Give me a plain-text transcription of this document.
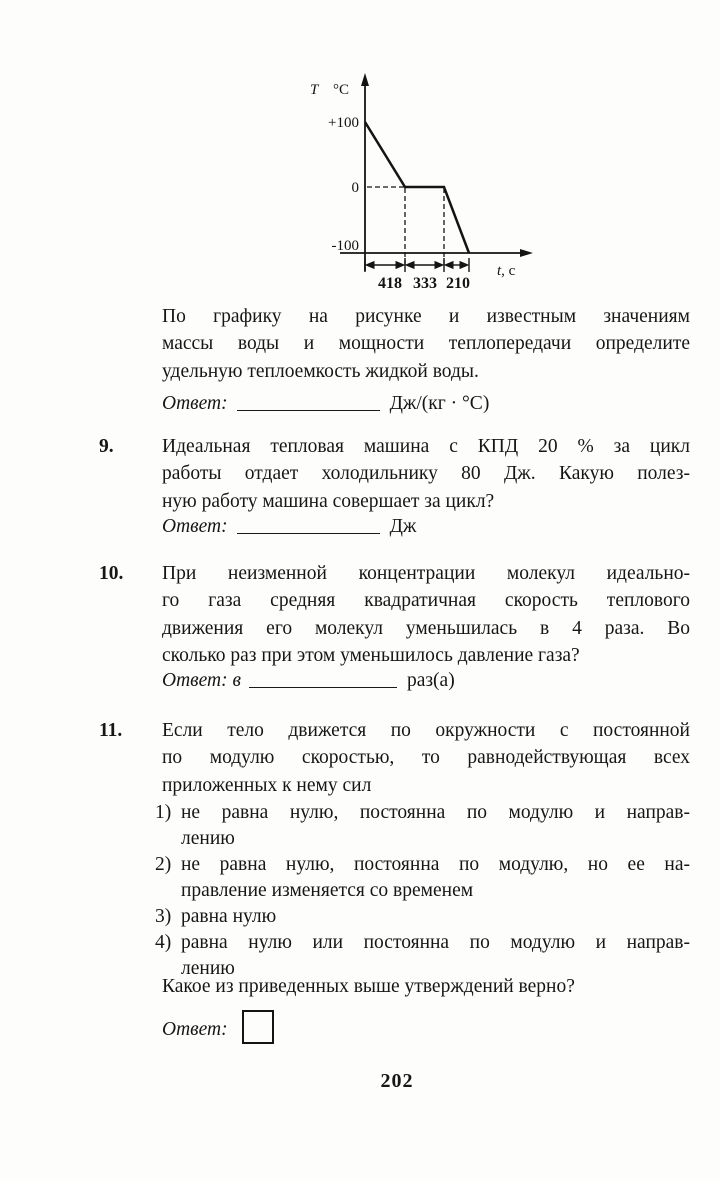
T °C
t, с
+100
0
-100
418 333 210
По графику на рисунке и известным значениям
массы воды и мощности теплопередачи определите
удельную теплоемкость жидкой воды.
Ответ:	Дж/(кг · °С)
9.	Идеальная тепловая машина с КПД 20 % за цикл
работы отдает холодильнику 80 Дж. Какую полез-
ную работу машина совершает за цикл?
Ответ:	Дж
10.	При неизменной концентрации молекул идеально-
го газа средняя квадратичная скорость теплового
движения его молекул уменьшилась в 4 раза. Во
сколько раз при этом уменьшилось давление газа?
Ответ: в	раз(а)
11.	Если тело движется по окружности с постоянной
по модулю скоростью, то равнодействующая всех
приложенных к нему сил
1) не равна нулю, постоянна по модулю и направ-
лению
2) не равна нулю, постоянна по модулю, но ее на-
правление изменяется со временем
3) равна нулю
4) равна нулю или постоянна по модулю и направ-
лению
Какое из приведенных выше утверждений верно?
Ответ:
202
